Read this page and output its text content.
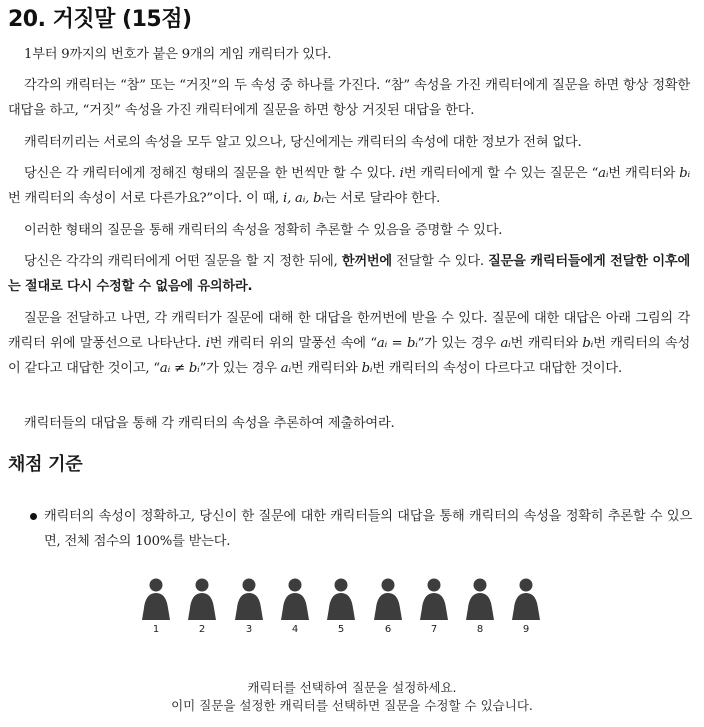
20. 거짓말 (15점)

1부터 9까지의 번호가 붙은 9개의 게임 캐릭터가 있다.

각각의 캐릭터는 “참” 또는 “거짓”의 두 속성 중 하나를 가진다. “참” 속성을 가진 캐릭터에게 질문을 하면 항상 정확한 대답을 하고, “거짓” 속성을 가진 캐릭터에게 질문을 하면 항상 거짓된 대답을 한다.

캐릭터끼리는 서로의 속성을 모두 알고 있으나, 당신에게는 캐릭터의 속성에 대한 정보가 전혀 없다.

당신은 각 캐릭터에게 정해진 형태의 질문을 한 번씩만 할 수 있다. i번 캐릭터에게 할 수 있는 질문은 “aᵢ번 캐릭터와 bᵢ번 캐릭터의 속성이 서로 다른가요?”이다. 이 때, i, aᵢ, bᵢ는 서로 달라야 한다.

이러한 형태의 질문을 통해 캐릭터의 속성을 정확히 추론할 수 있음을 증명할 수 있다.

당신은 각각의 캐릭터에게 어떤 질문을 할 지 정한 뒤에, 한꺼번에 전달할 수 있다. 질문을 캐릭터들에게 전달한 이후에는 절대로 다시 수정할 수 없음에 유의하라.

질문을 전달하고 나면, 각 캐릭터가 질문에 대해 한 대답을 한꺼번에 받을 수 있다. 질문에 대한 대답은 아래 그림의 각 캐릭터 위에 말풍선으로 나타난다. i번 캐릭터 위의 말풍선 속에 “aᵢ = bᵢ”가 있는 경우 aᵢ번 캐릭터와 bᵢ번 캐릭터의 속성이 같다고 대답한 것이고, “aᵢ ≠ bᵢ”가 있는 경우 aᵢ번 캐릭터와 bᵢ번 캐릭터의 속성이 다르다고 대답한 것이다.

캐릭터들의 대답을 통해 각 캐릭터의 속성을 추론하여 제출하여라.

채점 기준
캐릭터의 속성이 정확하고, 당신이 한 질문에 대한 캐릭터들의 대답을 통해 캐릭터의 속성을 정확히 추론할 수 있으면, 전체 점수의 100%를 받는다.
1	2	3	4	5	6	7	8	9
캐릭터를 선택하여 질문을 설정하세요.
이미 질문을 설정한 캐릭터를 선택하면 질문을 수정할 수 있습니다.
